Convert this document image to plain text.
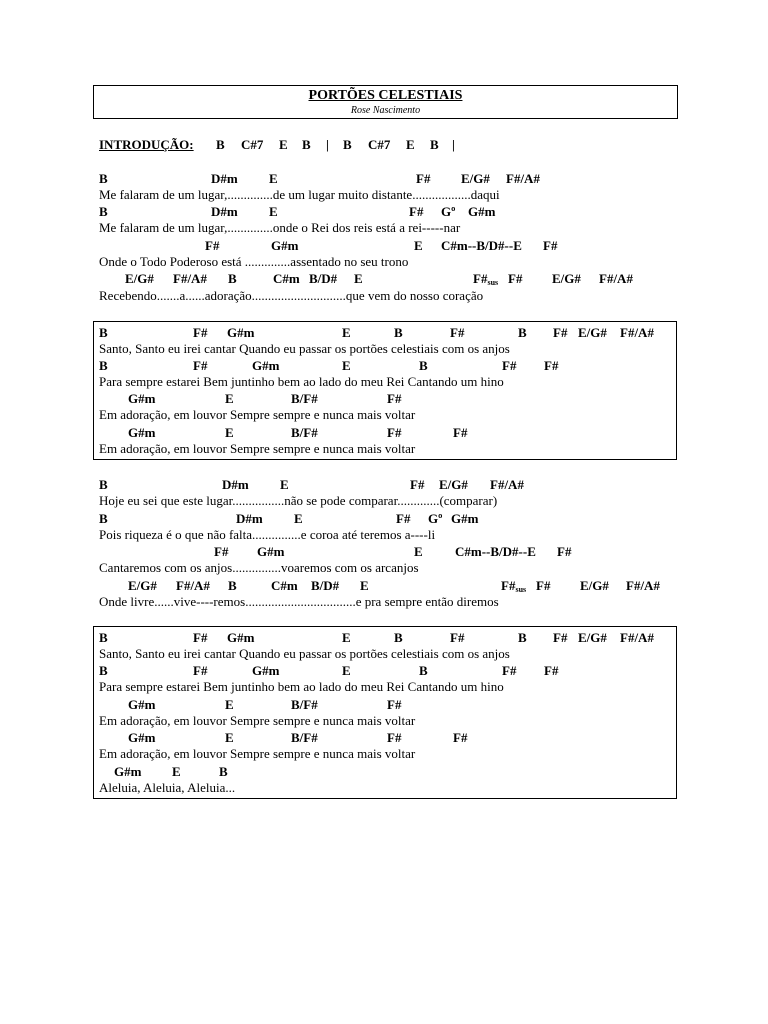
PORTÕES CELESTIAIS
Rose Nascimento
INTRODUÇÃO: B C#7 E B | B C#7 E B |
B	D#m E	F# E/G# F#/A#
Me falaram de um lugar,..............de um lugar muito distante..................daqui
B	D#m E	F# Gº G#m
Me falaram de um lugar,..............onde o Rei dos reis está a rei-----nar
F#	G#m	E C#m--B/D#--E F#
Onde o Todo Poderoso está ..............assentado no seu trono
E/G# F#/A# B	C#m B/D# E	$F\#_{sus}$ F# E/G# F#/A#
Recebendo.......a......adoração.............................que vem do nosso coração
B	F# G#m	E	B	F#	B F# E/G# F#/A#
Santo, Santo eu irei cantar Quando eu passar os portões celestiais com os anjos
B	F#	G#m	E	B	F# F#
Para sempre estarei Bem juntinho bem ao lado do meu Rei Cantando um hino
G#m	E	B/F#	F#
Em adoração, em louvor Sempre sempre e nunca mais voltar
G#m	E	B/F#	F#	F#
Em adoração, em louvor Sempre sempre e nunca mais voltar
B	D#m E	F# E/G# F#/A#
Hoje eu sei que este lugar................não se pode comparar.............(comparar)
B	D#m E	F# Gº G#m
Pois riqueza é o que não falta...............e coroa até teremos a----li
F# G#m	E C#m--B/D#--E F#
Cantaremos com os anjos...............voaremos com os arcanjos
E/G# F#/A# B	C#m B/D# E	$F\#_{sus}$ F# E/G# F#/A#
Onde livre......vive----remos..................................e pra sempre então diremos
B	F# G#m	E	B	F#	B F# E/G# F#/A#
Santo, Santo eu irei cantar Quando eu passar os portões celestiais com os anjos
B	F#	G#m	E	B	F# F#
Para sempre estarei Bem juntinho bem ao lado do meu Rei Cantando um hino
G#m	E	B/F#	F#
Em adoração, em louvor Sempre sempre e nunca mais voltar
G#m	E	B/F#	F#	F#
Em adoração, em louvor Sempre sempre e nunca mais voltar
G#m E	B
Aleluia, Aleluia, Aleluia...
